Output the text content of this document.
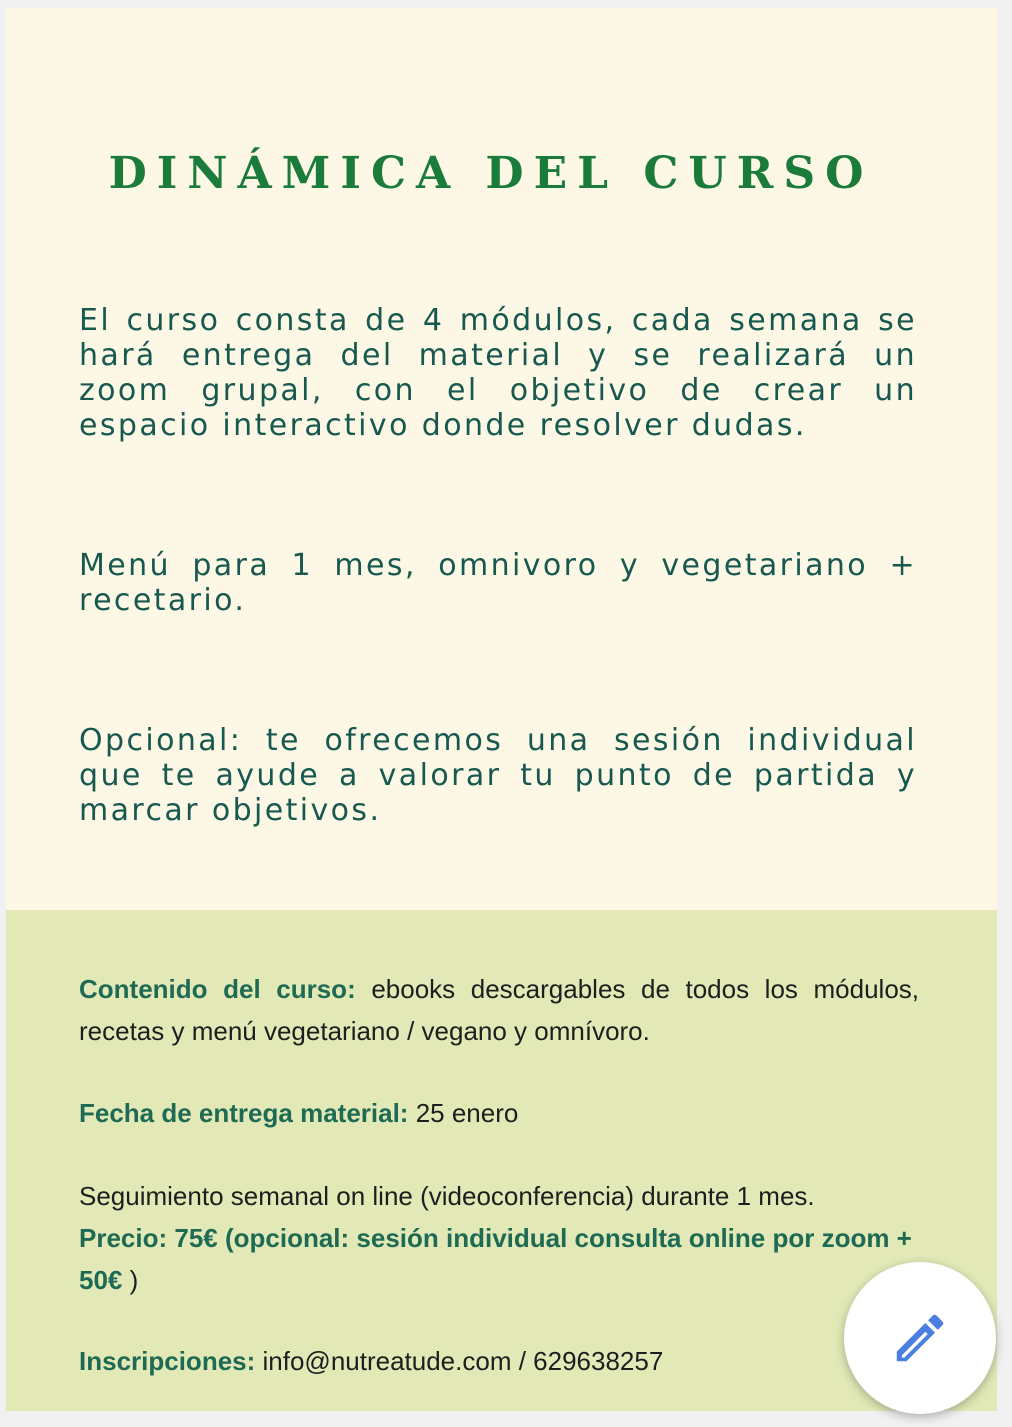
DINÁMICA DEL CURSO

El curso consta de 4 módulos, cada semana se hará entrega del material y se realizará un zoom grupal, con el objetivo de crear un espacio interactivo donde resolver dudas.

Menú para 1 mes, omnivoro y vegetariano + recetario.

Opcional: te ofrecemos una sesión individual que te ayude a valorar tu punto de partida y marcar objetivos.

Contenido del curso: ebooks descargables de todos los módulos, recetas y menú vegetariano / vegano y omnívoro.

Fecha de entrega material: 25 enero

Seguimiento semanal on line (videoconferencia) durante 1 mes.
Precio: 75€ (opcional: sesión individual consulta online por zoom + 50€ )

Inscripciones: info@nutreatude.com / 629638257
